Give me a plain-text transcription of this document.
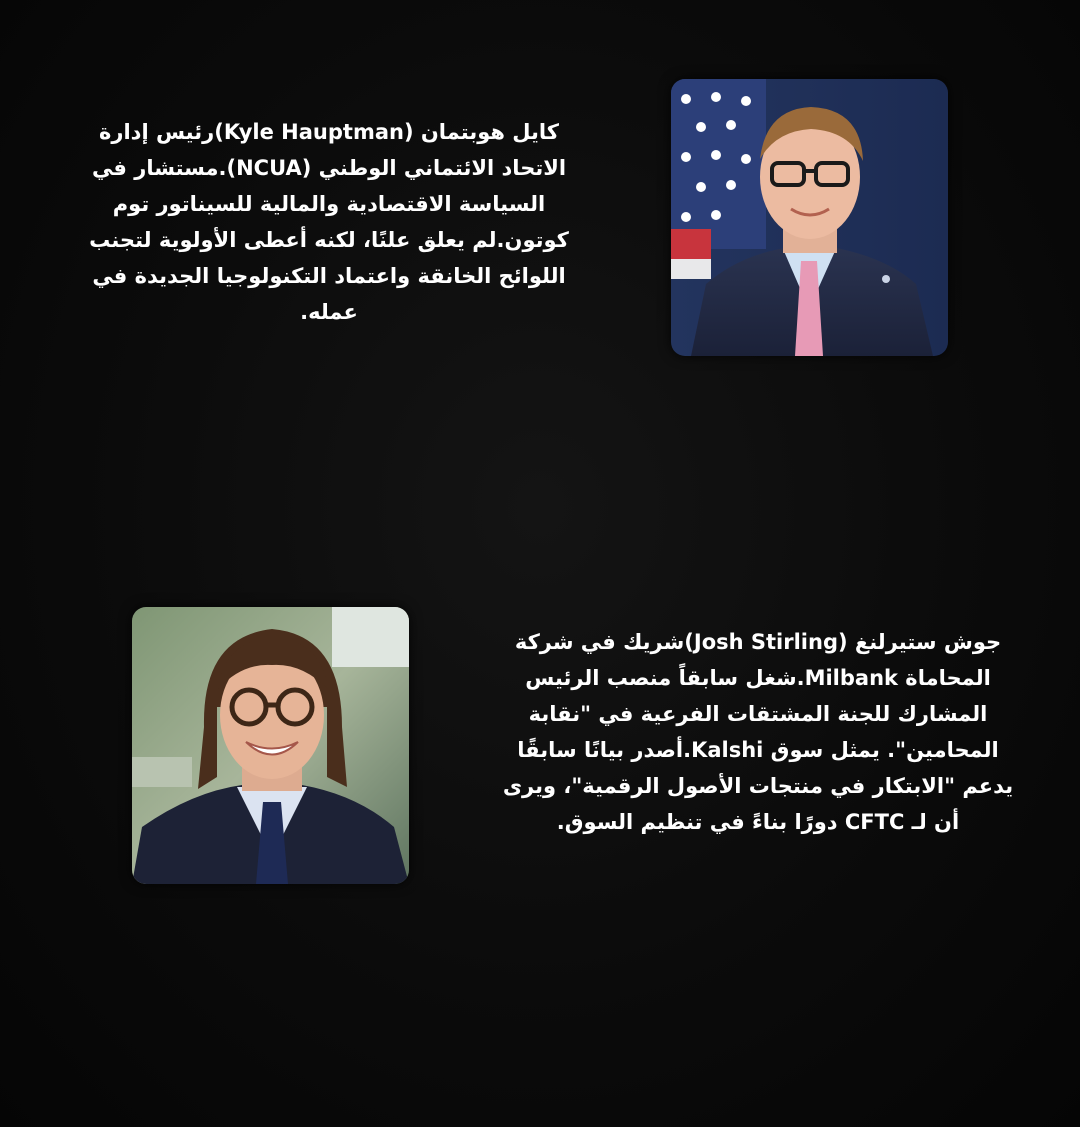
كايل هوبتمان (Kyle Hauptman)رئيس إدارة الاتحاد الائتماني الوطني (NCUA).مستشار في السياسة الاقتصادية والمالية للسيناتور توم كوتون.لم يعلق علنًا، لكنه أعطى الأولوية لتجنب اللوائح الخانقة واعتماد التكنولوجيا الجديدة في عمله.

جوش ستيرلنغ (Josh Stirling)شريك في شركة المحاماة Milbank.شغل سابقاً منصب الرئيس المشارك للجنة المشتقات الفرعية في "نقابة المحامين". يمثل سوق Kalshi.أصدر بيانًا سابقًا يدعم "الابتكار في منتجات الأصول الرقمية"، ويرى أن لـ CFTC دورًا بناءً في تنظيم السوق.
